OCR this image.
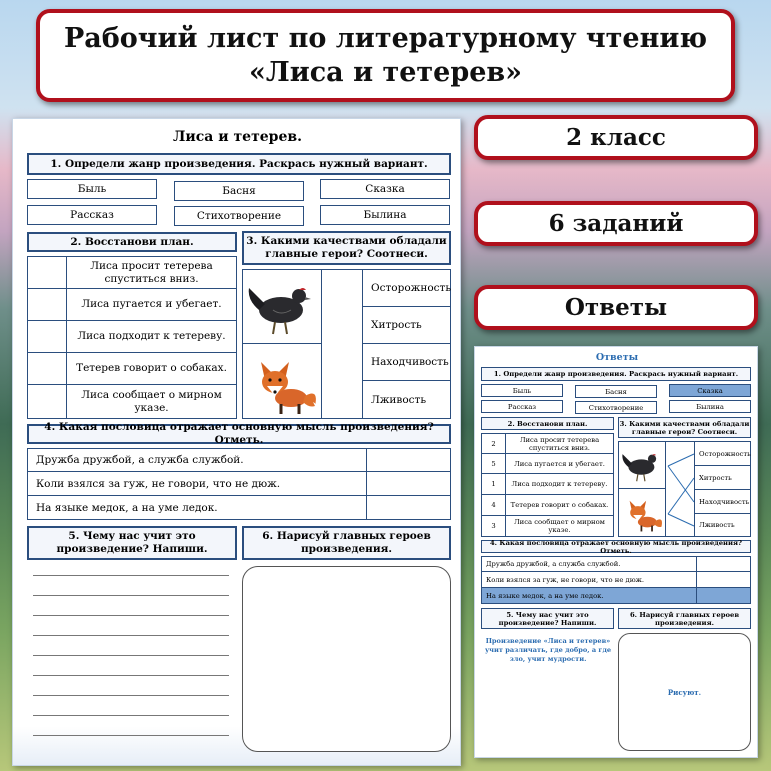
Рабочий лист по литературному чтению
«Лиса и тетерев»
2 класс
6 заданий
Ответы
Лиса и тетерев.
1. Определи жанр произведения. Раскрась нужный вариант.
Быль	Басня	Сказка
Рассказ	Стихотворение	Былина
2. Восстанови план.
Лиса просит тетерева спуститься вниз.
Лиса пугается и убегает.
Лиса подходит к тетереву.
Тетерев говорит о собаках.
Лиса сообщает о мирном указе.
3. Какими качествами обладали главные герои? Соотнеси.
Осторожность
Хитрость
Находчивость
Лживость
4. Какая пословица отражает основную мысль произведения? Отметь.
Дружба дружбой, а служба службой.
Коли взялся за гуж, не говори, что не дюж.
На языке медок, а на уме ледок.
5. Чему нас учит это произведение? Напиши.
6. Нарисуй главных героев произведения.
Ответы
1. Определи жанр произведения. Раскрась нужный вариант.
Быль	Басня	Сказка
Рассказ	Стихотворение	Былина
2. Восстанови план.
2	Лиса просит тетерева спуститься вниз.
5	Лиса пугается и убегает.
1	Лиса подходит к тетереву.
4	Тетерев говорит о собаках.
3	Лиса сообщает о мирном указе.
3. Какими качествами обладали главные герои? Соотнеси.
Осторожность
Хитрость
Находчивость
Лживость
4. Какая пословица отражает основную мысль произведения? Отметь.
Дружба дружбой, а служба службой.
Коли взялся за гуж, не говори, что не дюж.
На языке медок, а на уме ледок.
5. Чему нас учит это произведение? Напиши.
6. Нарисуй главных героев произведения.
Произведение «Лиса и тетерев» учит различать, где добро, а где зло, учит мудрости.
Рисуют.
